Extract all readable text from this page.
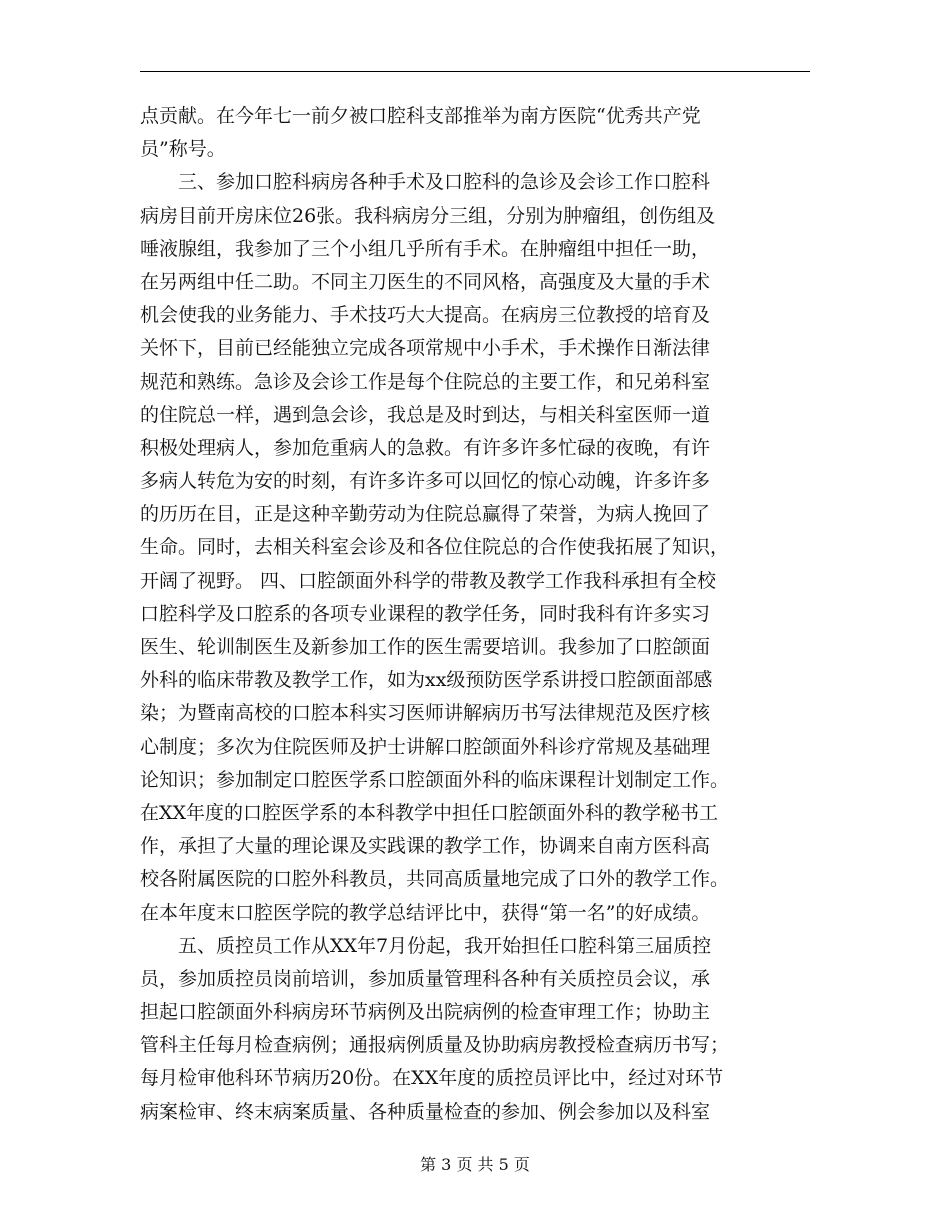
点贡献。在今年七一前夕被口腔科支部推举为南方医院“优秀共产党
员”称号。
　　三、参加口腔科病房各种手术及口腔科的急诊及会诊工作口腔科
病房目前开房床位26张。我科病房分三组，分别为肿瘤组，创伤组及
唾液腺组，我参加了三个小组几乎所有手术。在肿瘤组中担任一助，
在另两组中任二助。不同主刀医生的不同风格，高强度及大量的手术
机会使我的业务能力、手术技巧大大提高。在病房三位教授的培育及
关怀下，目前已经能独立完成各项常规中小手术，手术操作日渐法律
规范和熟练。急诊及会诊工作是每个住院总的主要工作，和兄弟科室
的住院总一样，遇到急会诊，我总是及时到达，与相关科室医师一道
积极处理病人，参加危重病人的急救。有许多许多忙碌的夜晚，有许
多病人转危为安的时刻，有许多许多可以回忆的惊心动魄，许多许多
的历历在目，正是这种辛勤劳动为住院总赢得了荣誉，为病人挽回了
生命。同时，去相关科室会诊及和各位住院总的合作使我拓展了知识，
开阔了视野。 四、口腔颌面外科学的带教及教学工作我科承担有全校
口腔科学及口腔系的各项专业课程的教学任务，同时我科有许多实习
医生、轮训制医生及新参加工作的医生需要培训。我参加了口腔颌面
外科的临床带教及教学工作，如为xx级预防医学系讲授口腔颌面部感
染；为暨南高校的口腔本科实习医师讲解病历书写法律规范及医疗核
心制度；多次为住院医师及护士讲解口腔颌面外科诊疗常规及基础理
论知识；参加制定口腔医学系口腔颌面外科的临床课程计划制定工作。
在XX年度的口腔医学系的本科教学中担任口腔颌面外科的教学秘书工
作，承担了大量的理论课及实践课的教学工作，协调来自南方医科高
校各附属医院的口腔外科教员，共同高质量地完成了口外的教学工作。
在本年度末口腔医学院的教学总结评比中，获得“第一名”的好成绩。
　　五、质控员工作从XX年7月份起，我开始担任口腔科第三届质控
员，参加质控员岗前培训，参加质量管理科各种有关质控员会议，承
担起口腔颌面外科病房环节病例及出院病例的检查审理工作；协助主
管科主任每月检查病例；通报病例质量及协助病房教授检查病历书写；
每月检审他科环节病历20份。在XX年度的质控员评比中，经过对环节
病案检审、终末病案质量、各种质量检查的参加、例会参加以及科室
第 3 页 共 5 页
